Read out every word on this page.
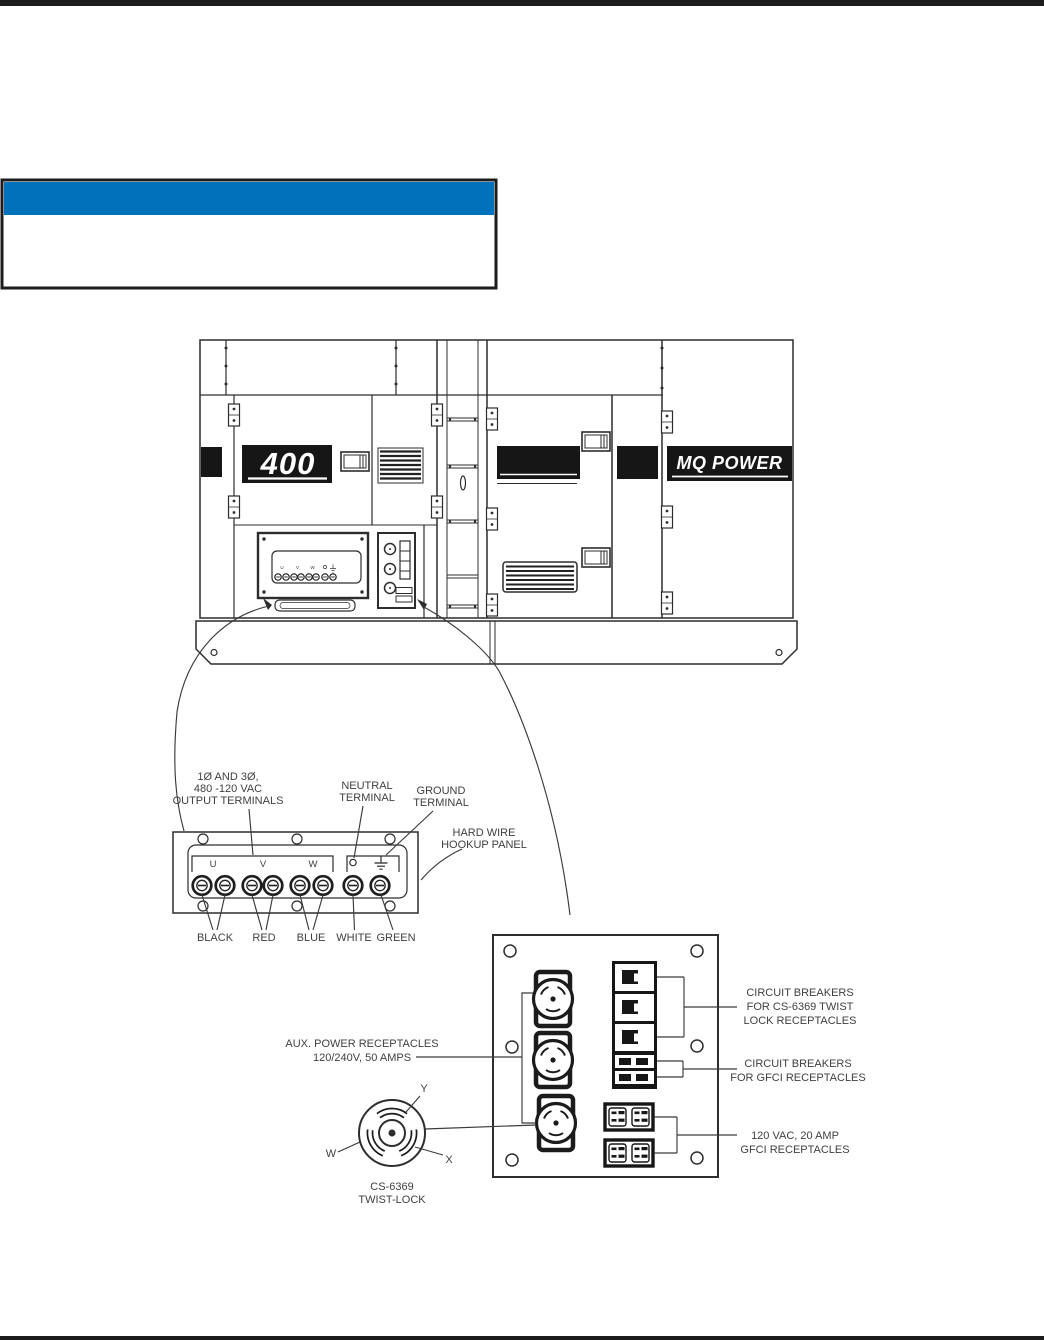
400	MQ POWER
U	V	W
U	V	W
BLACK RED BLUE WHITE GREEN
1Ø AND 3Ø,
480 -120 VAC
OUTPUT TERMINALS
NEUTRAL
TERMINAL
GROUND
TERMINAL
HARD WIRE
HOOKUP PANEL
CIRCUIT BREAKERS
FOR CS-6369 TWIST
LOCK RECEPTACLES
CIRCUIT BREAKERS
FOR GFCI RECEPTACLES
120 VAC, 20 AMP
GFCI RECEPTACLES
AUX. POWER RECEPTACLES
120/240V, 50 AMPS
Y
X
W
CS-6369
TWIST-LOCK
